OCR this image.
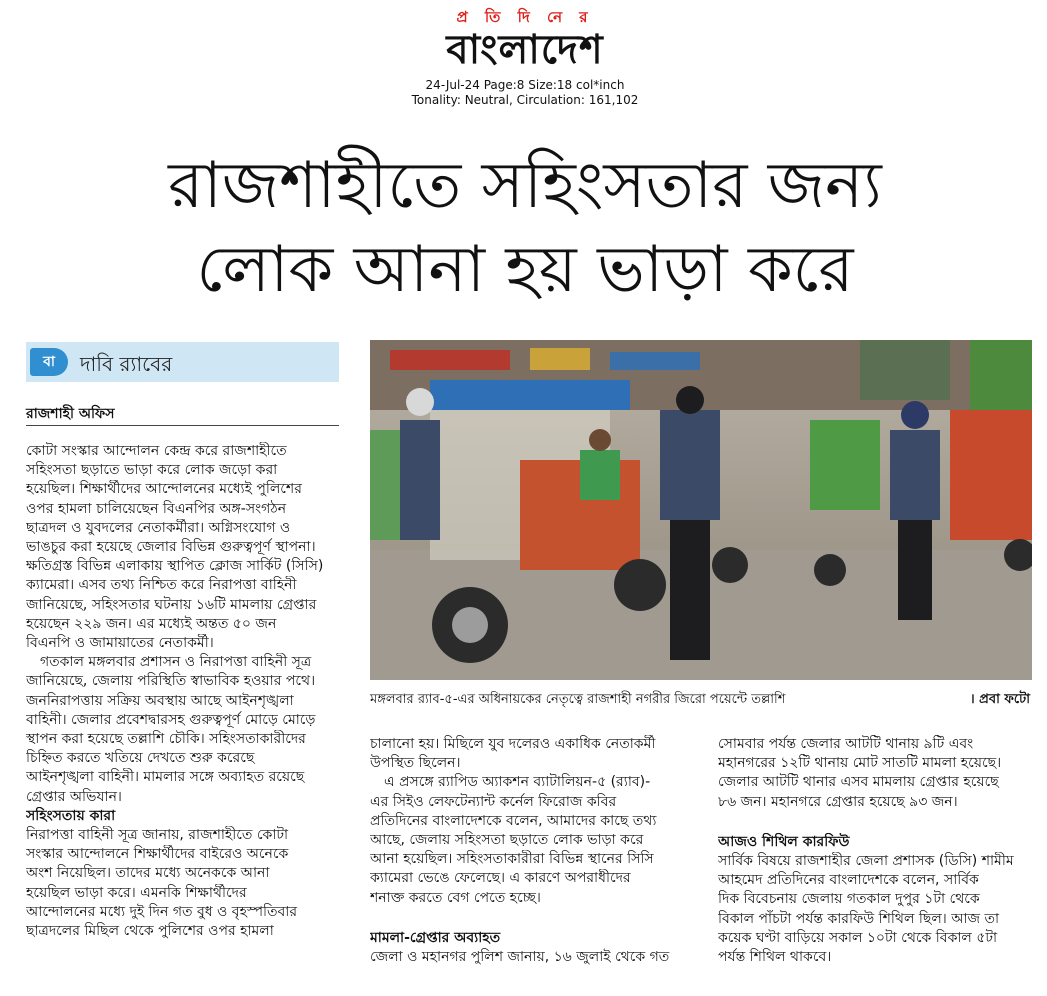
প্র তি দি নে র
বাংলাদেশ
24-Jul-24 Page:8 Size:18 col*inch
Tonality: Neutral, Circulation: 161,102
রাজশাহীতে সহিংসতার জন্য
লোক আনা হয় ভাড়া করে
বা	দাবি র‌্যাবের
রাজশাহী অফিস
কোটা সংস্কার আন্দোলন কেন্দ্র করে রাজশাহীতে
সহিংসতা ছড়াতে ভাড়া করে লোক জড়ো করা
হয়েছিল। শিক্ষার্থীদের আন্দোলনের মধ্যেই পুলিশের
ওপর হামলা চালিয়েছেন বিএনপির অঙ্গ-সংগঠন
ছাত্রদল ও যুবদলের নেতাকর্মীরা। অগ্নিসংযোগ ও
ভাঙচুর করা হয়েছে জেলার বিভিন্ন গুরুত্বপূর্ণ স্থাপনা।
ক্ষতিগ্রস্ত বিভিন্ন এলাকায় স্থাপিত ক্লোজ সার্কিট (সিসি)
ক্যামেরা। এসব তথ্য নিশ্চিত করে নিরাপত্তা বাহিনী
জানিয়েছে, সহিংসতার ঘটনায় ১৬টি মামলায় গ্রেপ্তার
হয়েছেন ২২৯ জন। এর মধ্যেই অন্তত ৫০ জন
বিএনপি ও জামায়াতের নেতাকর্মী।
গতকাল মঙ্গলবার প্রশাসন ও নিরাপত্তা বাহিনী সূত্র
জানিয়েছে, জেলায় পরিস্থিতি স্বাভাবিক হওয়ার পথে।
জননিরাপত্তায় সক্রিয় অবস্থায় আছে আইনশৃঙ্খলা
বাহিনী। জেলার প্রবেশদ্বারসহ গুরুত্বপূর্ণ মোড়ে মোড়ে
স্থাপন করা হয়েছে তল্লাশি চৌকি। সহিংসতাকারীদের
চিহ্নিত করতে খতিয়ে দেখতে শুরু করেছে
আইনশৃঙ্খলা বাহিনী। মামলার সঙ্গে অব্যাহত রয়েছে
গ্রেপ্তার অভিযান।
সহিংসতায় কারা
নিরাপত্তা বাহিনী সূত্র জানায়, রাজশাহীতে কোটা
সংস্কার আন্দোলনে শিক্ষার্থীদের বাইরেও অনেকে
অংশ নিয়েছিল। তাদের মধ্যে অনেককে আনা
হয়েছিল ভাড়া করে। এমনকি শিক্ষার্থীদের
আন্দোলনের মধ্যে দুই দিন গত বুধ ও বৃহস্পতিবার
ছাত্রদলের মিছিল থেকে পুলিশের ওপর হামলা
মঙ্গলবার র‌্যাব-৫-এর অধিনায়কের নেতৃত্বে রাজশাহী নগরীর জিরো পয়েন্টে তল্লাশি	। প্রবা ফটো
চালানো হয়। মিছিলে যুব দলেরও একাধিক নেতাকর্মী
উপস্থিত ছিলেন।
এ প্রসঙ্গে র‌্যাপিড অ্যাকশন ব্যাটালিয়ন-৫ (র‌্যাব)-
এর সিইও লেফটেন্যান্ট কর্নেল ফিরোজ কবির
প্রতিদিনের বাংলাদেশকে বলেন, আমাদের কাছে তথ্য
আছে, জেলায় সহিংসতা ছড়াতে লোক ভাড়া করে
আনা হয়েছিল। সহিংসতাকারীরা বিভিন্ন স্থানের সিসি
ক্যামেরা ভেঙে ফেলেছে। এ কারণে অপরাধীদের
শনাক্ত করতে বেগ পেতে হচ্ছে।
মামলা-গ্রেপ্তার অব্যাহত
জেলা ও মহানগর পুলিশ জানায়, ১৬ জুলাই থেকে গত
সোমবার পর্যন্ত জেলার আটটি থানায় ৯টি এবং
মহানগরের ১২টি থানায় মোট সাতটি মামলা হয়েছে।
জেলার আটটি থানার এসব মামলায় গ্রেপ্তার হয়েছে
৮৬ জন। মহানগরে গ্রেপ্তার হয়েছে ৯৩ জন।
আজও শিথিল কারফিউ
সার্বিক বিষয়ে রাজশাহীর জেলা প্রশাসক (ডিসি) শামীম
আহমেদ প্রতিদিনের বাংলাদেশকে বলেন, সার্বিক
দিক বিবেচনায় জেলায় গতকাল দুপুর ১টা থেকে
বিকাল পাঁচটা পর্যন্ত কারফিউ শিথিল ছিল। আজ তা
কয়েক ঘণ্টা বাড়িয়ে সকাল ১০টা থেকে বিকাল ৫টা
পর্যন্ত শিথিল থাকবে।
